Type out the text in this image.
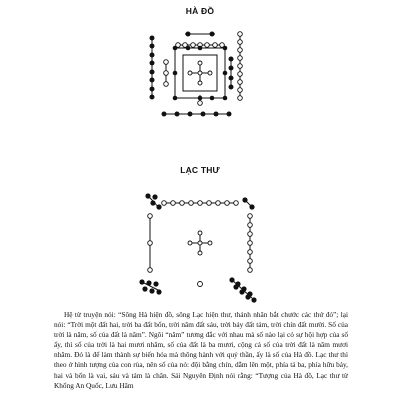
HÀ ĐỒ
LẠC THƯ

Hệ từ truyện nói: “Sông Hà hiện đồ, sông Lạc hiện thư, thánh nhân bắt chước các thứ đó”; lại nói: “Trời một đất hai, trời ba đất bốn, trời năm đất sáu, trời bảy đất tám, trời chín đất mười. Số của trời là năm, số của đất là năm”. Ngôi “năm” tương đắc với nhau mà số nào lại có sự hội hợp của số ấy, thì số của trời là hai mươi nhăm, số của đất là ba mươi, cộng cả số của trời đất là năm mươi nhăm. Đó là để làm thành sự biến hóa mà thông hành với quỷ thần, ấy là số của Hà đồ. Lạc thư thì theo ở hình tượng của con rùa, nên số của nó: đội bằng chín, dẫm lên một, phía tả ba, phía hữu bảy, hai và bốn là vai, sáu và tám là chân. Sái Nguyên Định nói rằng: “Tượng của Hà đồ, Lạc thư từ Khổng An Quốc, Lưu Hâm
